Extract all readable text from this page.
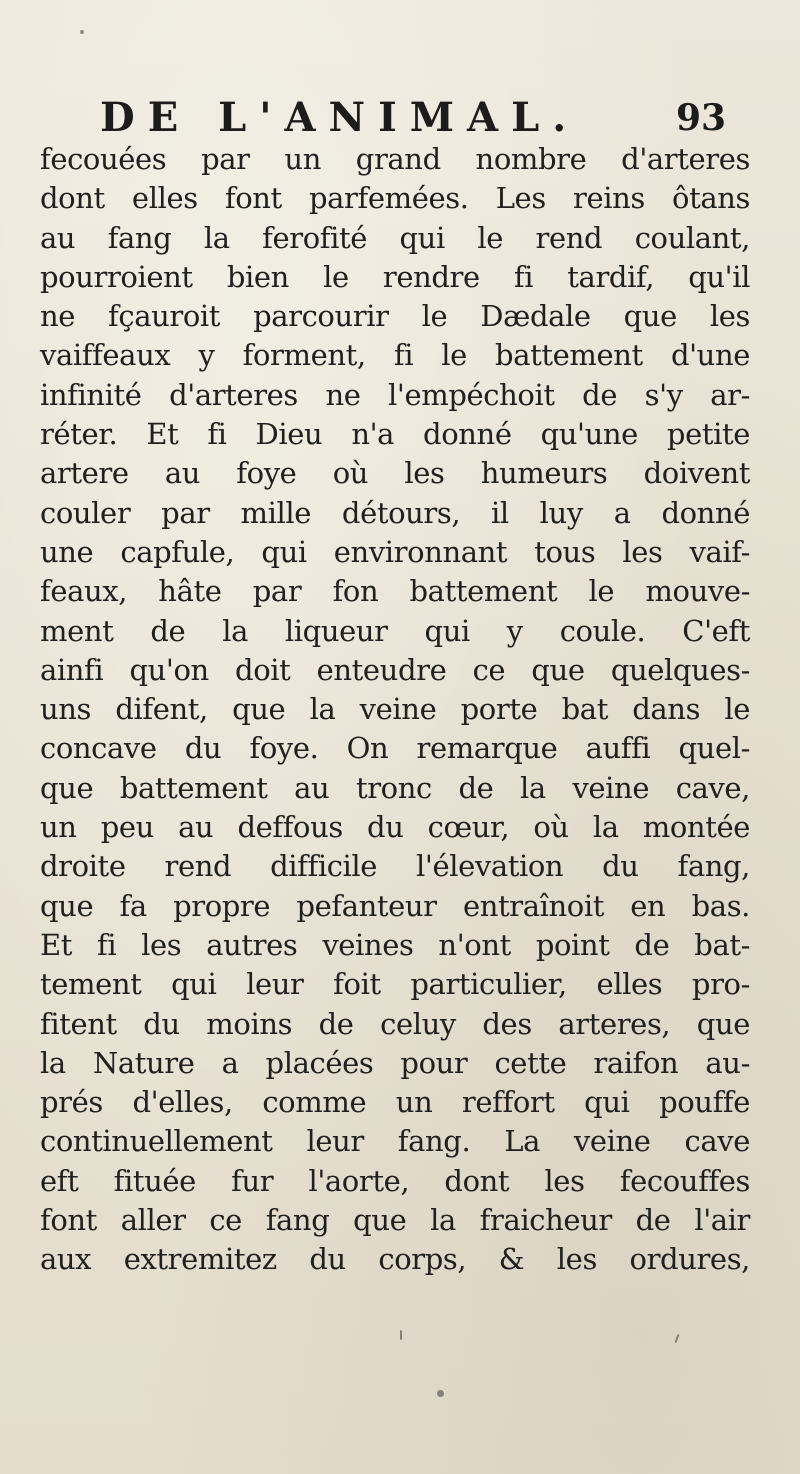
DE L'ANIMAL.	93
fecouées par un grand nombre d'arteres
dont elles font parfemées. Les reins ôtans
au fang la ferofité qui le rend coulant,
pourroient bien le rendre fi tardif, qu'il
ne fçauroit parcourir le Dædale que les
vaiffeaux y forment, fi le battement d'une
infinité d'arteres ne l'empéchoit de s'y ar-
réter. Et fi Dieu n'a donné qu'une petite
artere au foye où les humeurs doivent
couler par mille détours, il luy a donné
une capfule, qui environnant tous les vaif-
feaux, hâte par fon battement le mouve-
ment de la liqueur qui y coule. C'eft
ainfi qu'on doit enteudre ce que quelques-
uns difent, que la veine porte bat dans le
concave du foye. On remarque auffi quel-
que battement au tronc de la veine cave,
un peu au deffous du cœur, où la montée
droite rend difficile l'élevation du fang,
que fa propre pefanteur entraînoit en bas.
Et fi les autres veines n'ont point de bat-
tement qui leur foit particulier, elles pro-
fitent du moins de celuy des arteres, que
la Nature a placées pour cette raifon au-
prés d'elles, comme un reffort qui pouffe
continuellement leur fang. La veine cave
eft fituée fur l'aorte, dont les fecouffes
font aller ce fang que la fraicheur de l'air
aux extremitez du corps, & les ordures,
